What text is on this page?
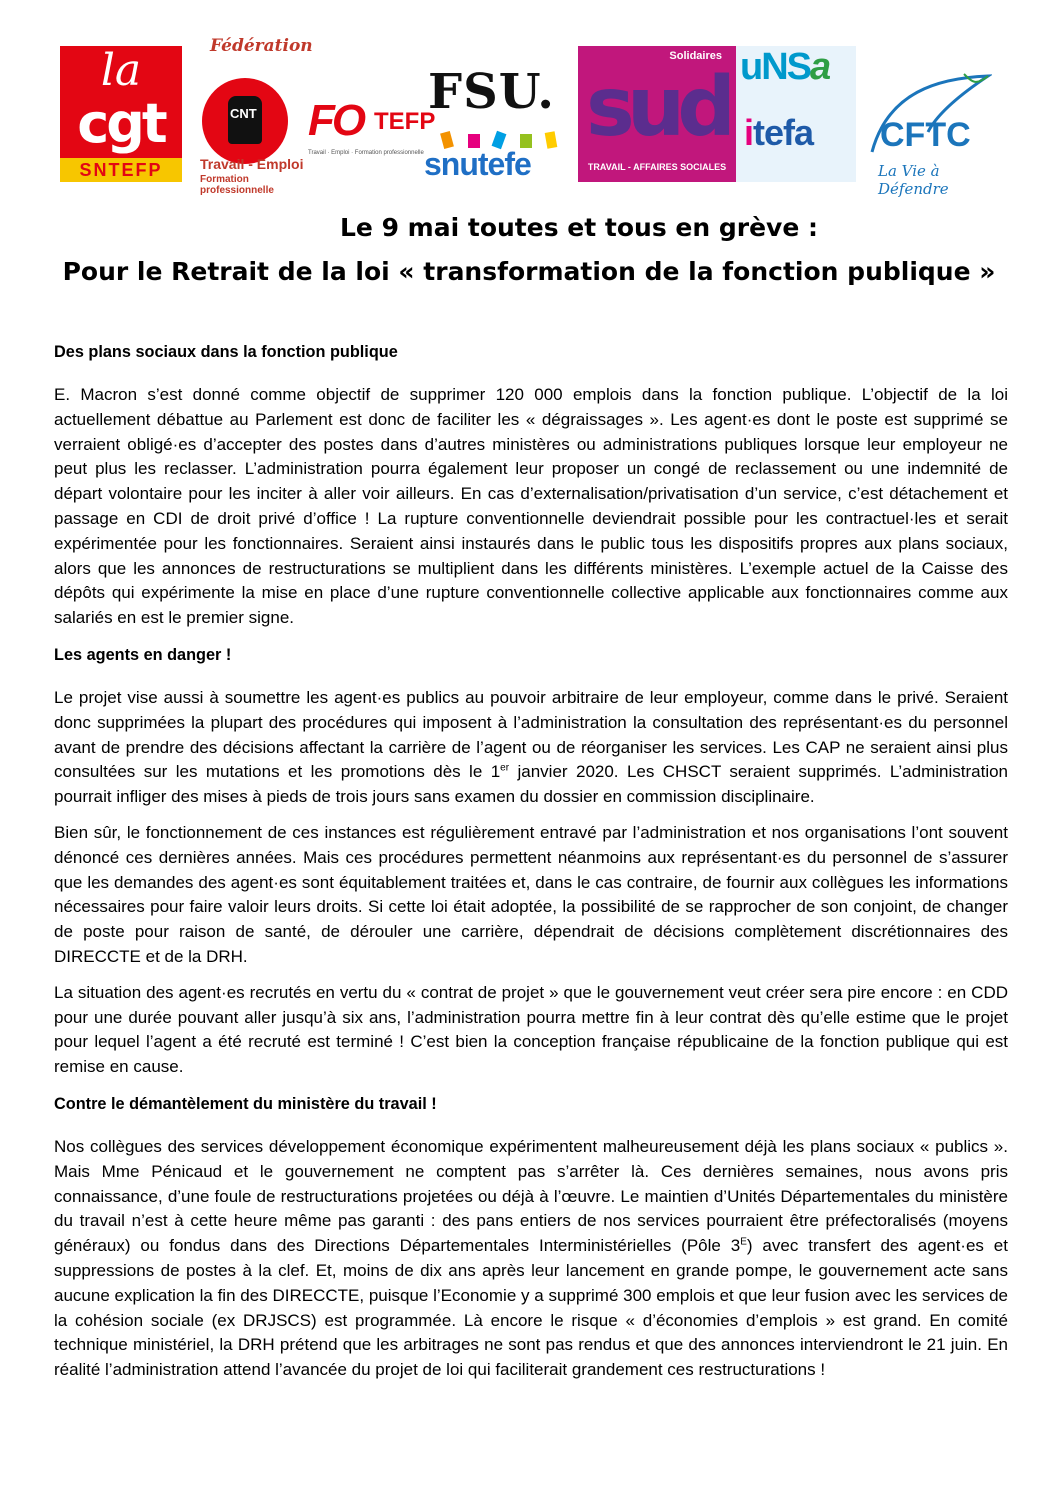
la
cgt
SNTEFP
Fédération
CNT
Travail - Emploi
Formation professionnelle
FO TEFP
Travail · Emploi · Formation professionnelle
FSU.
snutefe
Solidaires
sud
TRAVAIL - AFFAIRES SOCIALES
uNSa
itefa CFTC
La Vie à Défendre
Le 9 mai toutes et tous en grève :
Pour le Retrait de la loi « transformation de la fonction publique »

Des plans sociaux dans la fonction publique

E. Macron s’est donné comme objectif de supprimer 120 000 emplois dans la fonction publique. L’objectif de la loi actuellement débattue au Parlement est donc de faciliter les « dégraissages ». Les agent·es dont le poste est supprimé se verraient obligé·es d’accepter des postes dans d’autres ministères ou administrations publiques lorsque leur employeur ne peut plus les reclasser. L’administration pourra également leur proposer un congé de reclassement ou une indemnité de départ volontaire pour les inciter à aller voir ailleurs. En cas d’externalisation/privatisation d’un service, c’est détachement et passage en CDI de droit privé d’office ! La rupture conventionnelle deviendrait possible pour les contractuel·les et serait expérimentée pour les fonctionnaires. Seraient ainsi instaurés dans le public tous les dispositifs propres aux plans sociaux, alors que les annonces de restructurations se multiplient dans les différents ministères. L’exemple actuel de la Caisse des dépôts qui expérimente la mise en place d’une rupture conventionnelle collective applicable aux fonctionnaires comme aux salariés en est le premier signe.

Les agents en danger !

Le projet vise aussi à soumettre les agent·es publics au pouvoir arbitraire de leur employeur, comme dans le privé. Seraient donc supprimées la plupart des procédures qui imposent à l’administration la consultation des représentant·es du personnel avant de prendre des décisions affectant la carrière de l’agent ou de réorganiser les services. Les CAP ne seraient ainsi plus consultées sur les mutations et les promotions dès le 1er janvier 2020. Les CHSCT seraient supprimés. L’administration pourrait infliger des mises à pieds de trois jours sans examen du dossier en commission disciplinaire.

Bien sûr, le fonctionnement de ces instances est régulièrement entravé par l’administration et nos organisations l’ont souvent dénoncé ces dernières années. Mais ces procédures permettent néanmoins aux représentant·es du personnel de s’assurer que les demandes des agent·es sont équitablement traitées et, dans le cas contraire, de fournir aux collègues les informations nécessaires pour faire valoir leurs droits. Si cette loi était adoptée, la possibilité de se rapprocher de son conjoint, de changer de poste pour raison de santé, de dérouler une carrière, dépendrait de décisions complètement discrétionnaires des DIRECCTE et de la DRH.

La situation des agent·es recrutés en vertu du « contrat de projet » que le gouvernement veut créer sera pire encore : en CDD pour une durée pouvant aller jusqu’à six ans, l’administration pourra mettre fin à leur contrat dès qu’elle estime que le projet pour lequel l’agent a été recruté est terminé ! C’est bien la conception française républicaine de la fonction publique qui est remise en cause.

Contre le démantèlement du ministère du travail !

Nos collègues des services développement économique expérimentent malheureusement déjà les plans sociaux « publics ». Mais Mme Pénicaud et le gouvernement ne comptent pas s’arrêter là. Ces dernières semaines, nous avons pris connaissance, d’une foule de restructurations projetées ou déjà à l’œuvre. Le maintien d’Unités Départementales du ministère du travail n’est à cette heure même pas garanti : des pans entiers de nos services pourraient être préfectoralisés (moyens généraux) ou fondus dans des Directions Départementales Interministérielles (Pôle $3^E$) avec transfert des agent·es et suppressions de postes à la clef. Et, moins de dix ans après leur lancement en grande pompe, le gouvernement acte sans aucune explication la fin des DIRECCTE, puisque l’Economie y a supprimé 300 emplois et que leur fusion avec les services de la cohésion sociale (ex DRJSCS) est programmée. Là encore le risque « d’économies d’emplois » est grand. En comité technique ministériel, la DRH prétend que les arbitrages ne sont pas rendus et que des annonces interviendront le 21 juin. En réalité l’administration attend l’avancée du projet de loi qui faciliterait grandement ces restructurations !
